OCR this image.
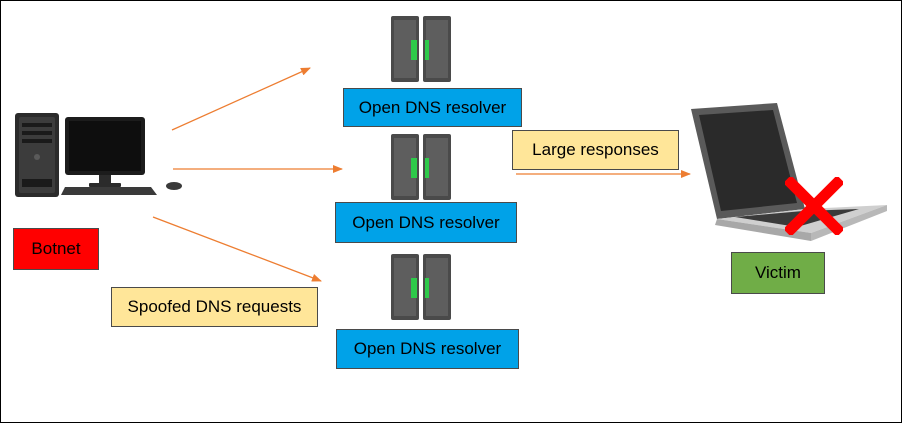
Open DNS resolver
Open DNS resolver
Open DNS resolver
Large responses
Spoofed DNS requests
Botnet
Victim
